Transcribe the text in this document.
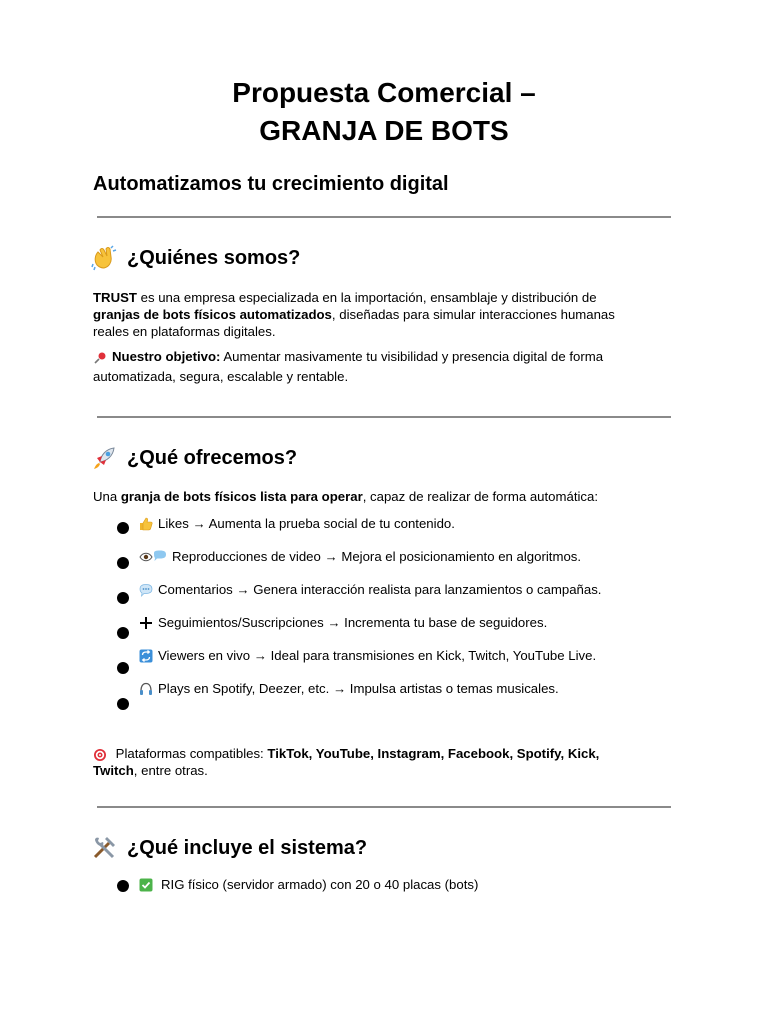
Propuesta Comercial –
GRANJA DE BOTS
Automatizamos tu crecimiento digital
¿Quiénes somos?
TRUST es una empresa especializada en la importación, ensamblaje y distribución de
granjas de bots físicos automatizados, diseñadas para simular interacciones humanas
reales en plataformas digitales.
Nuestro objetivo: Aumentar masivamente tu visibilidad y presencia digital de forma
automatizada, segura, escalable y rentable.
¿Qué ofrecemos?
Una granja de bots físicos lista para operar, capaz de realizar de forma automática:
Likes → Aumenta la prueba social de tu contenido.
Reproducciones de video → Mejora el posicionamiento en algoritmos.
Comentarios → Genera interacción realista para lanzamientos o campañas.
Seguimientos/Suscripciones → Incrementa tu base de seguidores.
Viewers en vivo → Ideal para transmisiones en Kick, Twitch, YouTube Live.
Plays en Spotify, Deezer, etc. → Impulsa artistas o temas musicales.
Plataformas compatibles: TikTok, YouTube, Instagram, Facebook, Spotify, Kick,
Twitch, entre otras.
¿Qué incluye el sistema?
RIG físico (servidor armado) con 20 o 40 placas (bots)
